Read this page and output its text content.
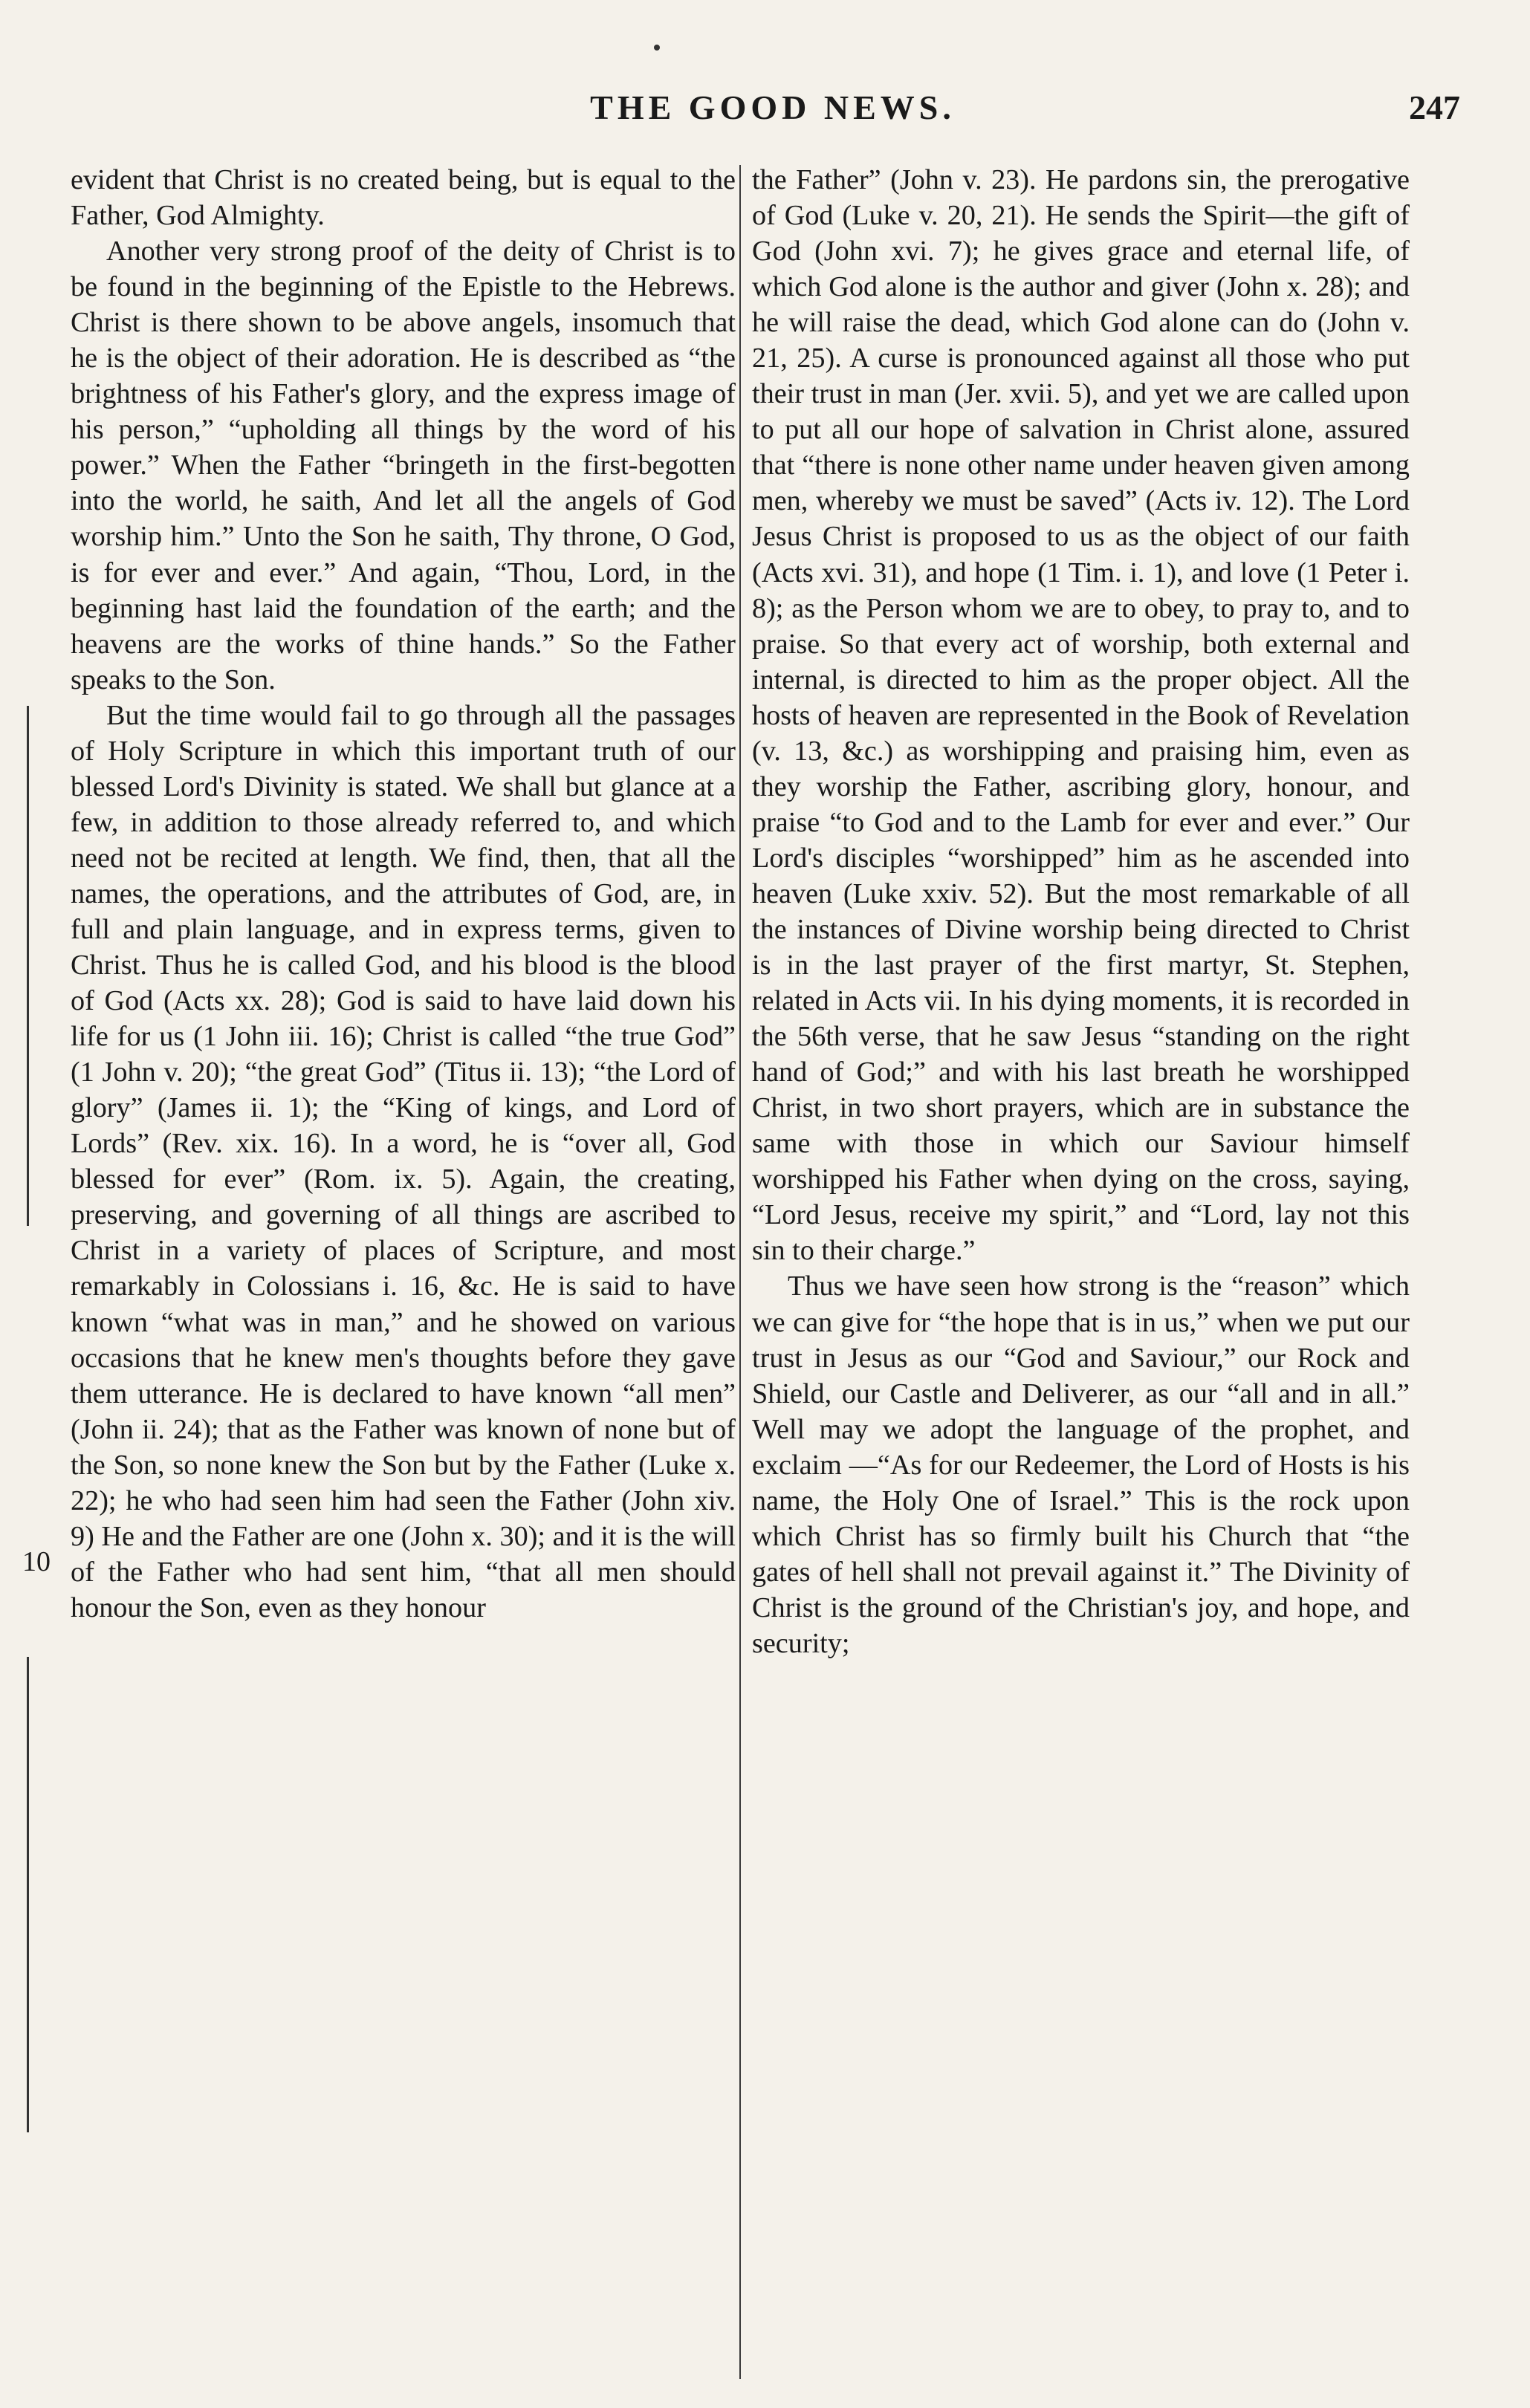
THE GOOD NEWS.	247
10

evident that Christ is no created being, but is equal to the Father, God Almighty.

Another very strong proof of the deity of Christ is to be found in the beginning of the Epistle to the Hebrews. Christ is there shown to be above angels, insomuch that he is the object of their adoration. He is described as “the brightness of his Father's glory, and the express image of his person,” “upholding all things by the word of his power.” When the Father “bringeth in the first-begotten into the world, he saith, And let all the angels of God worship him.” Unto the Son he saith, Thy throne, O God, is for ever and ever.” And again, “Thou, Lord, in the beginning hast laid the foundation of the earth; and the heavens are the works of thine hands.” So the Father speaks to the Son.

But the time would fail to go through all the passages of Holy Scripture in which this important truth of our blessed Lord's Divinity is stated. We shall but glance at a few, in addition to those already referred to, and which need not be recited at length. We find, then, that all the names, the operations, and the attributes of God, are, in full and plain language, and in express terms, given to Christ. Thus he is called God, and his blood is the blood of God (Acts xx. 28); God is said to have laid down his life for us (1 John iii. 16); Christ is called “the true God” (1 John v. 20); “the great God” (Titus ii. 13); “the Lord of glory” (James ii. 1); the “King of kings, and Lord of Lords” (Rev. xix. 16). In a word, he is “over all, God blessed for ever” (Rom. ix. 5). Again, the creating, preserving, and governing of all things are ascribed to Christ in a variety of places of Scripture, and most remarkably in Colossians i. 16, &c. He is said to have known “what was in man,” and he showed on various occasions that he knew men's thoughts before they gave them utterance. He is declared to have known “all men” (John ii. 24); that as the Father was known of none but of the Son, so none knew the Son but by the Father (Luke x. 22); he who had seen him had seen the Father (John xiv. 9) He and the Father are one (John x. 30); and it is the will of the Father who had sent him, “that all men should honour the Son, even as they honour

the Father” (John v. 23). He pardons sin, the prerogative of God (Luke v. 20, 21). He sends the Spirit—the gift of God (John xvi. 7); he gives grace and eternal life, of which God alone is the author and giver (John x. 28); and he will raise the dead, which God alone can do (John v. 21, 25). A curse is pronounced against all those who put their trust in man (Jer. xvii. 5), and yet we are called upon to put all our hope of salvation in Christ alone, assured that “there is none other name under heaven given among men, whereby we must be saved” (Acts iv. 12). The Lord Jesus Christ is proposed to us as the object of our faith (Acts xvi. 31), and hope (1 Tim. i. 1), and love (1 Peter i. 8); as the Person whom we are to obey, to pray to, and to praise. So that every act of worship, both external and internal, is directed to him as the proper object. All the hosts of heaven are represented in the Book of Revelation (v. 13, &c.) as worshipping and praising him, even as they worship the Father, ascribing glory, honour, and praise “to God and to the Lamb for ever and ever.” Our Lord's disciples “worshipped” him as he ascended into heaven (Luke xxiv. 52). But the most remarkable of all the instances of Divine worship being directed to Christ is in the last prayer of the first martyr, St. Stephen, related in Acts vii. In his dying moments, it is recorded in the 56th verse, that he saw Jesus “standing on the right hand of God;” and with his last breath he worshipped Christ, in two short prayers, which are in substance the same with those in which our Saviour himself worshipped his Father when dying on the cross, saying, “Lord Jesus, receive my spirit,” and “Lord, lay not this sin to their charge.”

Thus we have seen how strong is the “reason” which we can give for “the hope that is in us,” when we put our trust in Jesus as our “God and Saviour,” our Rock and Shield, our Castle and Deliverer, as our “all and in all.” Well may we adopt the language of the prophet, and exclaim —“As for our Redeemer, the Lord of Hosts is his name, the Holy One of Israel.” This is the rock upon which Christ has so firmly built his Church that “the gates of hell shall not prevail against it.” The Divinity of Christ is the ground of the Christian's joy, and hope, and security;
